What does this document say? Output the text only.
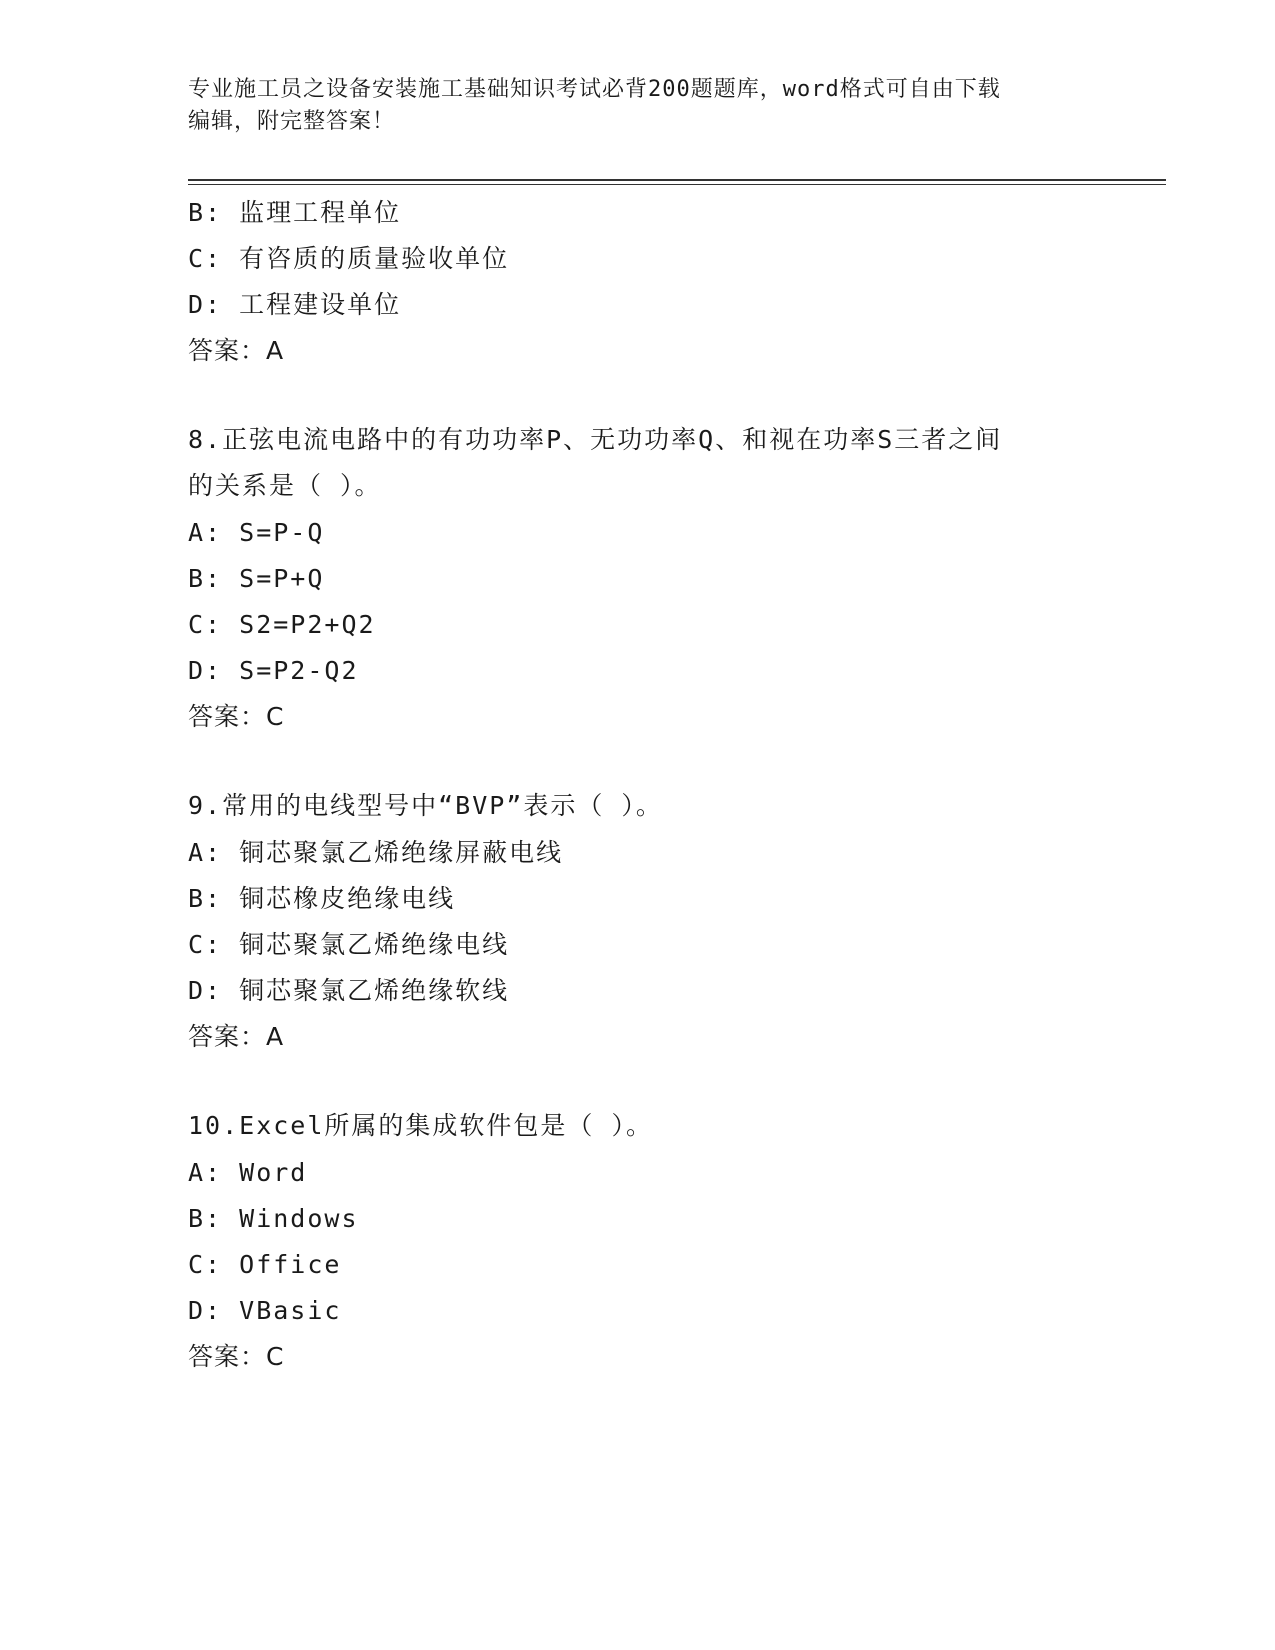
专业施工员之设备安装施工基础知识考试必背200题题库，word格式可自由下载
编辑，附完整答案！
B: 监理工程单位
C: 有咨质的质量验收单位
D: 工程建设单位
答案：A
8.正弦电流电路中的有功功率P、无功功率Q、和视在功率S三者之间
的关系是（ ）。
A: S=P-Q
B: S=P+Q
C: S2=P2+Q2
D: S=P2-Q2
答案：C
9.常用的电线型号中“BVP”表示（ ）。
A: 铜芯聚氯乙烯绝缘屏蔽电线
B: 铜芯橡皮绝缘电线
C: 铜芯聚氯乙烯绝缘电线
D: 铜芯聚氯乙烯绝缘软线
答案：A
10.Excel所属的集成软件包是（ ）。
A: Word
B: Windows
C: Office
D: VBasic
答案：C
